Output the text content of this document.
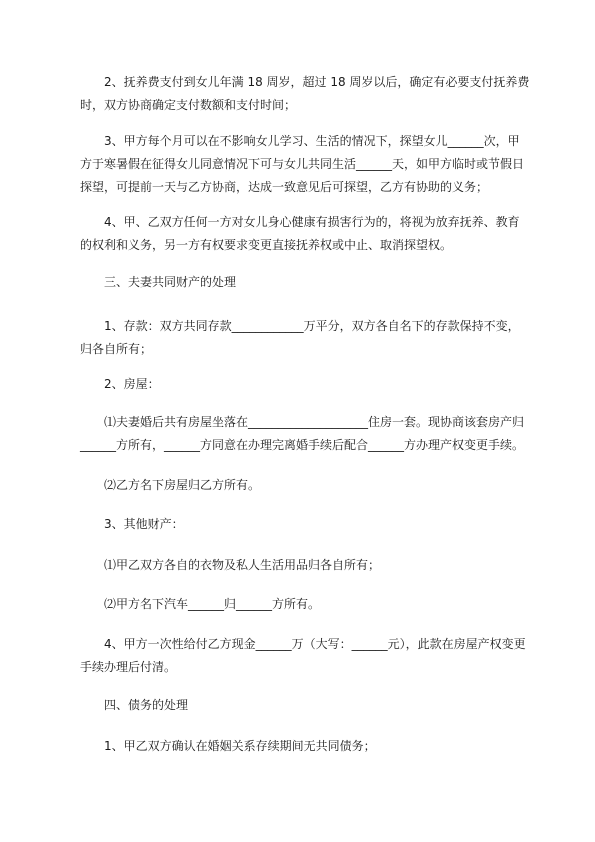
　　2、抚养费支付到女儿年满 18 周岁，超过 18 周岁以后，确定有必要支付抚养费
时，双方协商确定支付数额和支付时间；

　　3、甲方每个月可以在不影响女儿学习、生活的情况下，探望女儿______次，甲
方于寒暑假在征得女儿同意情况下可与女儿共同生活______天，如甲方临时或节假日
探望，可提前一天与乙方协商，达成一致意见后可探望，乙方有协助的义务；

　　4、甲、乙双方任何一方对女儿身心健康有损害行为的，将视为放弃抚养、教育
的权利和义务，另一方有权要求变更直接抚养权或中止、取消探望权。

　　三、夫妻共同财产的处理

　　1、存款：双方共同存款____________万平分，双方各自名下的存款保持不变，
归各自所有；

　　2、房屋：

　　⑴夫妻婚后共有房屋坐落在____________________住房一套。现协商该套房产归
______方所有，______方同意在办理完离婚手续后配合______方办理产权变更手续。

　　⑵乙方名下房屋归乙方所有。

　　3、其他财产：

　　⑴甲乙双方各自的衣物及私人生活用品归各自所有；

　　⑵甲方名下汽车______归______方所有。

　　4、甲方一次性给付乙方现金______万（大写：______元），此款在房屋产权变更
手续办理后付清。

　　四、债务的处理

　　1、甲乙双方确认在婚姻关系存续期间无共同债务；
